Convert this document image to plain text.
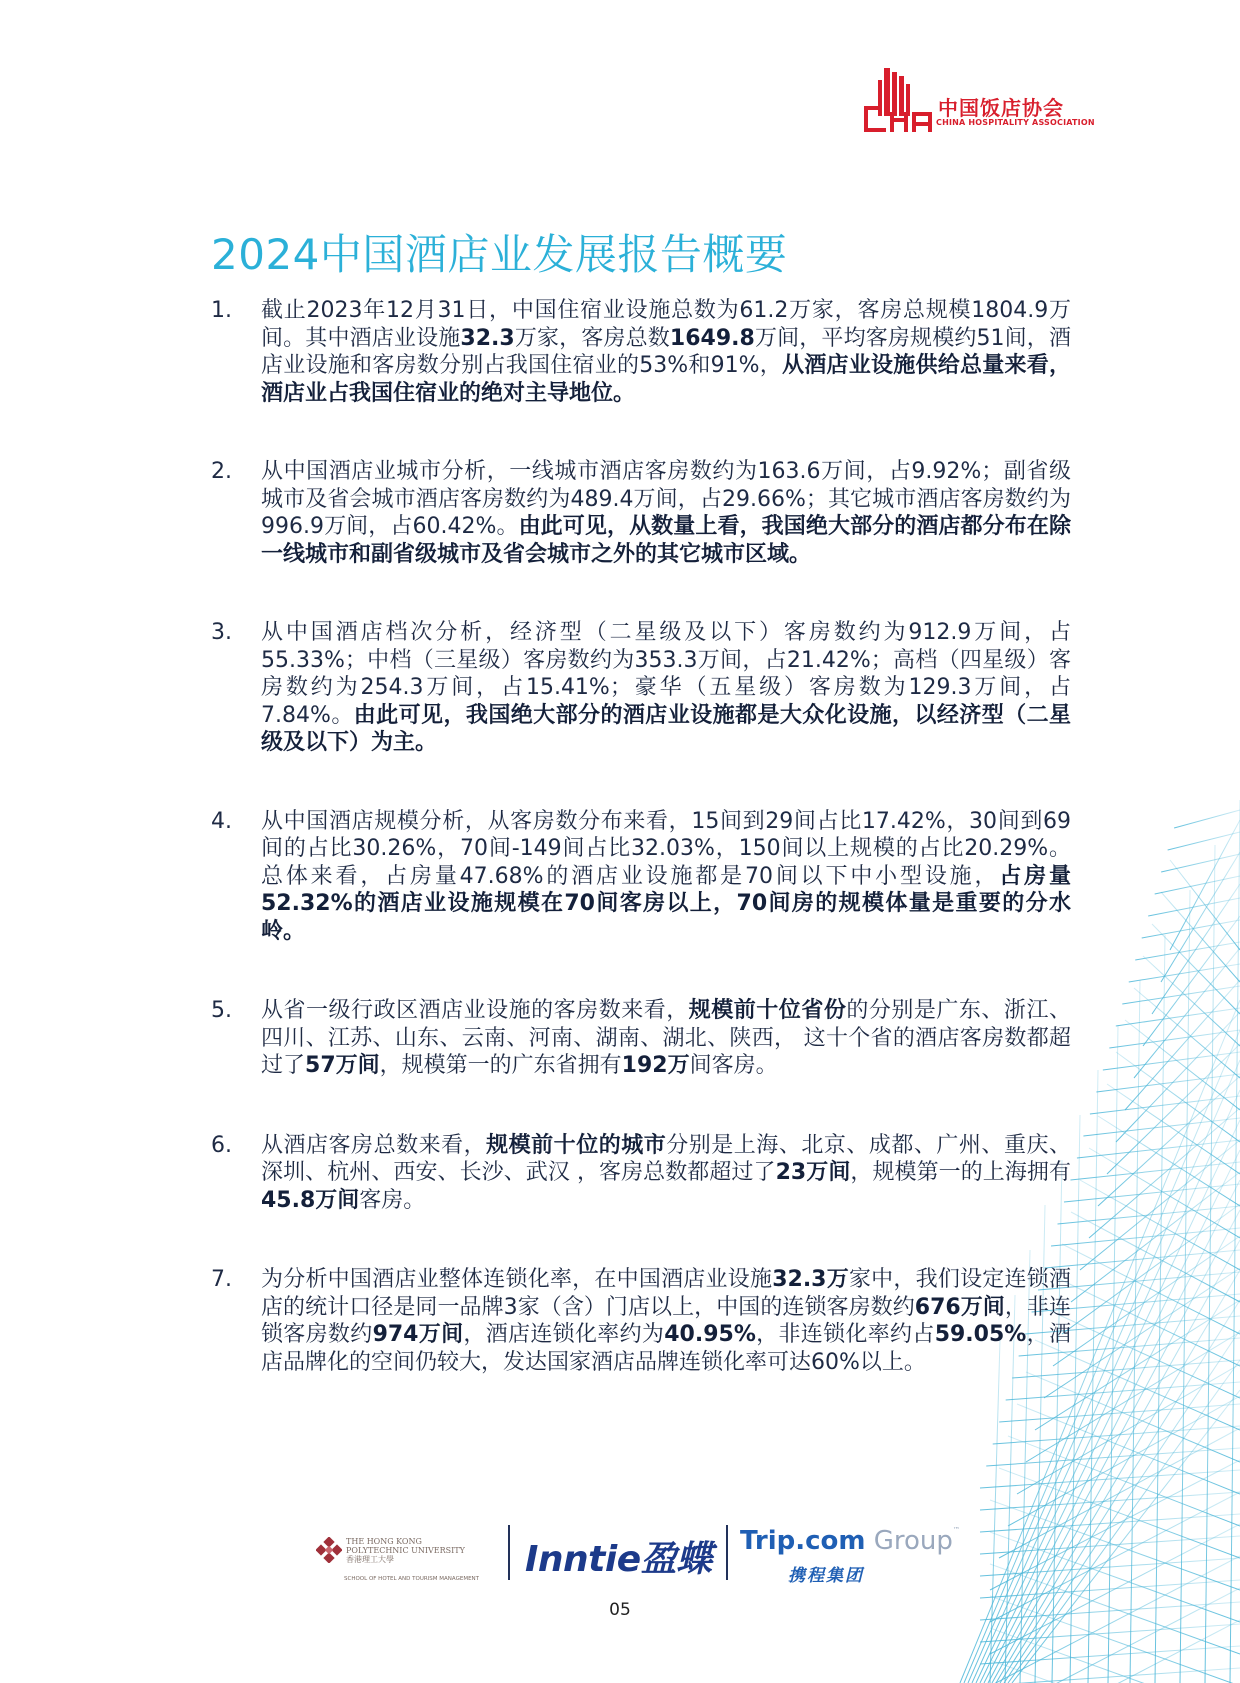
中国饭店协会
CHINA HOSPITALITY ASSOCIATION
2024中国酒店业发展报告概要
1.	截止2023年12月31日，中国住宿业设施总数为61.2万家，客房总规模1804.9万间。其中酒店业设施32.3万家，客房总数1649.8万间，平均客房规模约51间，酒店业设施和客房数分别占我国住宿业的53%和91%，从酒店业设施供给总量来看，酒店业占我国住宿业的绝对主导地位。
2.	从中国酒店业城市分析，一线城市酒店客房数约为163.6万间，占9.92%；副省级城市及省会城市酒店客房数约为489.4万间，占29.66%；其它城市酒店客房数约为996.9万间，占60.42%。由此可见，从数量上看，我国绝大部分的酒店都分布在除一线城市和副省级城市及省会城市之外的其它城市区域。
3.	从中国酒店档次分析，经济型（二星级及以下）客房数约为912.9万间，占55.33%；中档（三星级）客房数约为353.3万间，占21.42%；高档（四星级）客房数约为254.3万间，占15.41%；豪华（五星级）客房数为129.3万间，占7.84%。由此可见，我国绝大部分的酒店业设施都是大众化设施，以经济型（二星级及以下）为主。
4.	从中国酒店规模分析，从客房数分布来看，15间到29间占比17.42%，30间到69间的占比30.26%，70间-149间占比32.03%，150间以上规模的占比20.29%。总体来看，占房量47.68%的酒店业设施都是70间以下中小型设施，占房量52.32%的酒店业设施规模在70间客房以上，70间房的规模体量是重要的分水岭。
5.	从省一级行政区酒店业设施的客房数来看，规模前十位省份的分别是广东、浙江、四川、江苏、山东、云南、河南、湖南、湖北、陕西， 这十个省的酒店客房数都超过了57万间，规模第一的广东省拥有192万间客房。
6.	从酒店客房总数来看，规模前十位的城市分别是上海、北京、成都、广州、重庆、深圳、杭州、西安、长沙、武汉 ，客房总数都超过了23万间，规模第一的上海拥有45.8万间客房。
7.	为分析中国酒店业整体连锁化率，在中国酒店业设施32.3万家中，我们设定连锁酒店的统计口径是同一品牌3家（含）门店以上，中国的连锁客房数约676万间，非连锁客房数约974万间，酒店连锁化率约为40.95%，非连锁化率约占59.05%，酒店品牌化的空间仍较大，发达国家酒店品牌连锁化率可达60%以上。
THE HONG KONG
POLYTECHNIC UNIVERSITY
香港理工大學
SCHOOL OF HOTEL AND TOURISM MANAGEMENT Inntie盈蝶 Trip.com Group™
携程集团
05
